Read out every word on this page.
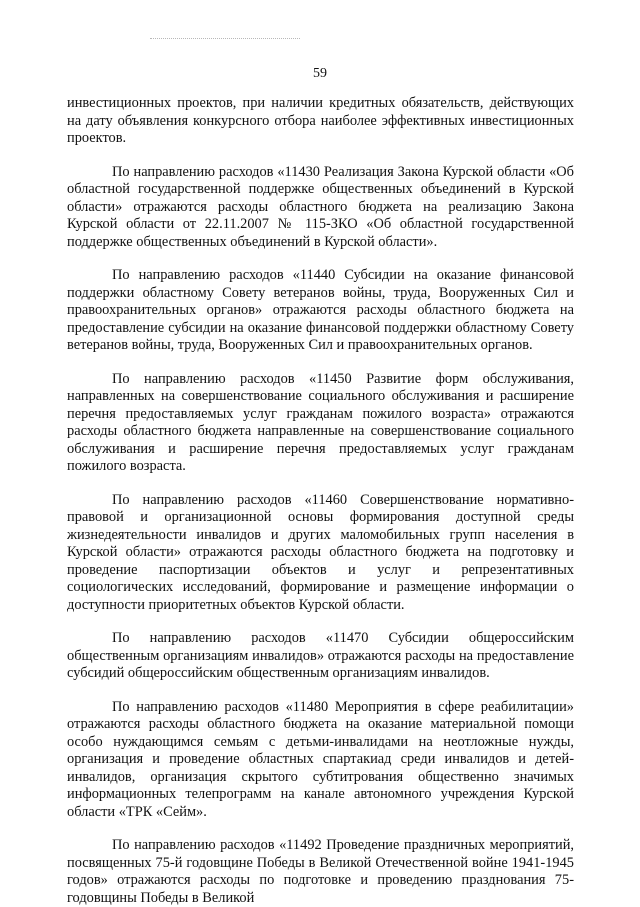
59

инвестиционных проектов, при наличии кредитных обязательств, действующих на дату объявления конкурсного отбора наиболее эффективных инвестиционных проектов.

По направлению расходов «11430 Реализация Закона Курской области «Об областной государственной поддержке общественных объединений в Курской области» отражаются расходы областного бюджета на реализацию Закона Курской области от 22.11.2007 № 115-ЗКО «Об областной государственной поддержке общественных объединений в Курской области».

По направлению расходов «11440 Субсидии на оказание финансовой поддержки областному Совету ветеранов войны, труда, Вооруженных Сил и правоохранительных органов» отражаются расходы областного бюджета на предоставление субсидии на оказание финансовой поддержки областному Совету ветеранов войны, труда, Вооруженных Сил и правоохранительных органов.

По направлению расходов «11450 Развитие форм обслуживания, направленных на совершенствование социального обслуживания и расширение перечня предоставляемых услуг гражданам пожилого возраста» отражаются расходы областного бюджета направленные на совершенствование социального обслуживания и расширение перечня предоставляемых услуг гражданам пожилого возраста.

По направлению расходов «11460 Совершенствование нормативно-правовой и организационной основы формирования доступной среды жизнедеятельности инвалидов и других маломобильных групп населения в Курской области» отражаются расходы областного бюджета на подготовку и проведение паспортизации объектов и услуг и репрезентативных социологических исследований, формирование и размещение информации о доступности приоритетных объектов Курской области.

По направлению расходов «11470 Субсидии общероссийским общественным организациям инвалидов» отражаются расходы на предоставление субсидий общероссийским общественным организациям инвалидов.

По направлению расходов «11480 Мероприятия в сфере реабилитации» отражаются расходы областного бюджета на оказание материальной помощи особо нуждающимся семьям с детьми-инвалидами на неотложные нужды, организация и проведение областных спартакиад среди инвалидов и детей-инвалидов, организация скрытого субтитрования общественно значимых информационных телепрограмм на канале автономного учреждения Курской области «ТРК «Сейм».

По направлению расходов «11492 Проведение праздничных мероприятий, посвященных 75-й годовщине Победы в Великой Отечественной войне 1941-1945 годов» отражаются расходы по подготовке и проведению празднования 75-годовщины Победы в Великой
